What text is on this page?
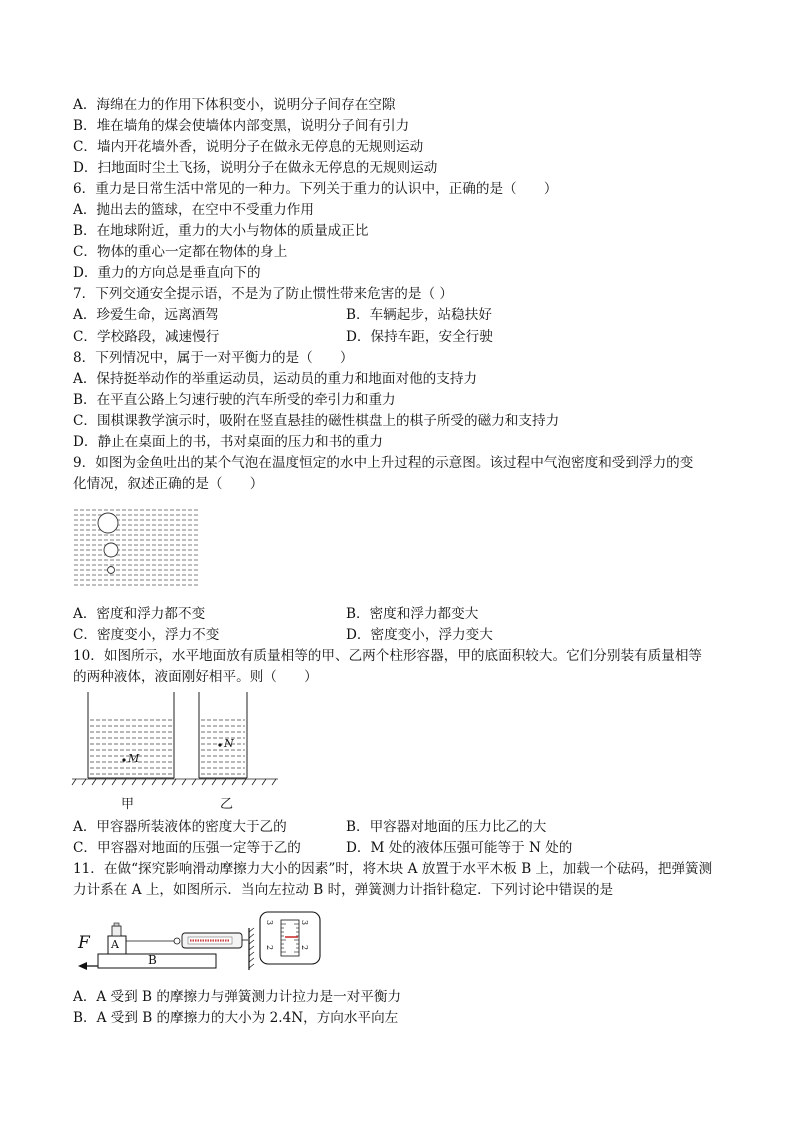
A．海绵在力的作用下体积变小，说明分子间存在空隙
B．堆在墙角的煤会使墙体内部变黑，说明分子间有引力
C．墙内开花墙外香，说明分子在做永无停息的无规则运动
D．扫地面时尘土飞扬，说明分子在做永无停息的无规则运动
6．重力是日常生活中常见的一种力。下列关于重力的认识中，正确的是（　　）
A．抛出去的篮球，在空中不受重力作用
B．在地球附近，重力的大小与物体的质量成正比
C．物体的重心一定都在物体的身上
D．重力的方向总是垂直向下的
7．下列交通安全提示语，不是为了防止惯性带来危害的是（ ）
A．珍爱生命，远离酒驾	B．车辆起步，站稳扶好
C．学校路段，减速慢行	D．保持车距，安全行驶
8．下列情况中，属于一对平衡力的是（　　）
A．保持挺举动作的举重运动员，运动员的重力和地面对他的支持力
B．在平直公路上匀速行驶的汽车所受的牵引力和重力
C．围棋课教学演示时，吸附在竖直悬挂的磁性棋盘上的棋子所受的磁力和支持力
D．静止在桌面上的书，书对桌面的压力和书的重力
9．如图为金鱼吐出的某个气泡在温度恒定的水中上升过程的示意图。该过程中气泡密度和受到浮力的变
化情况，叙述正确的是（　　）
A．密度和浮力都不变	B．密度和浮力都变大
C．密度变小，浮力不变	D．密度变小，浮力变大
10．如图所示，水平地面放有质量相等的甲、乙两个柱形容器，甲的底面积较大。它们分别装有质量相等
的两种液体，液面刚好相平。则（　　）
M
N
甲	乙
A．甲容器所装液体的密度大于乙的	B．甲容器对地面的压力比乙的大
C．甲容器对地面的压强一定等于乙的	D．M 处的液体压强可能等于 N 处的
11．在做“探究影响滑动摩擦力大小的因素”时，将木块 A 放置于水平木板 B 上，加载一个砝码，把弹簧测
力计系在 A 上，如图所示．当向左拉动 B 时，弹簧测力计指针稳定．下列讨论中错误的是
F A
B
3
2
3
2
A．A 受到 B 的摩擦力与弹簧测力计拉力是一对平衡力
B．A 受到 B 的摩擦力的大小为 2.4N，方向水平向左
